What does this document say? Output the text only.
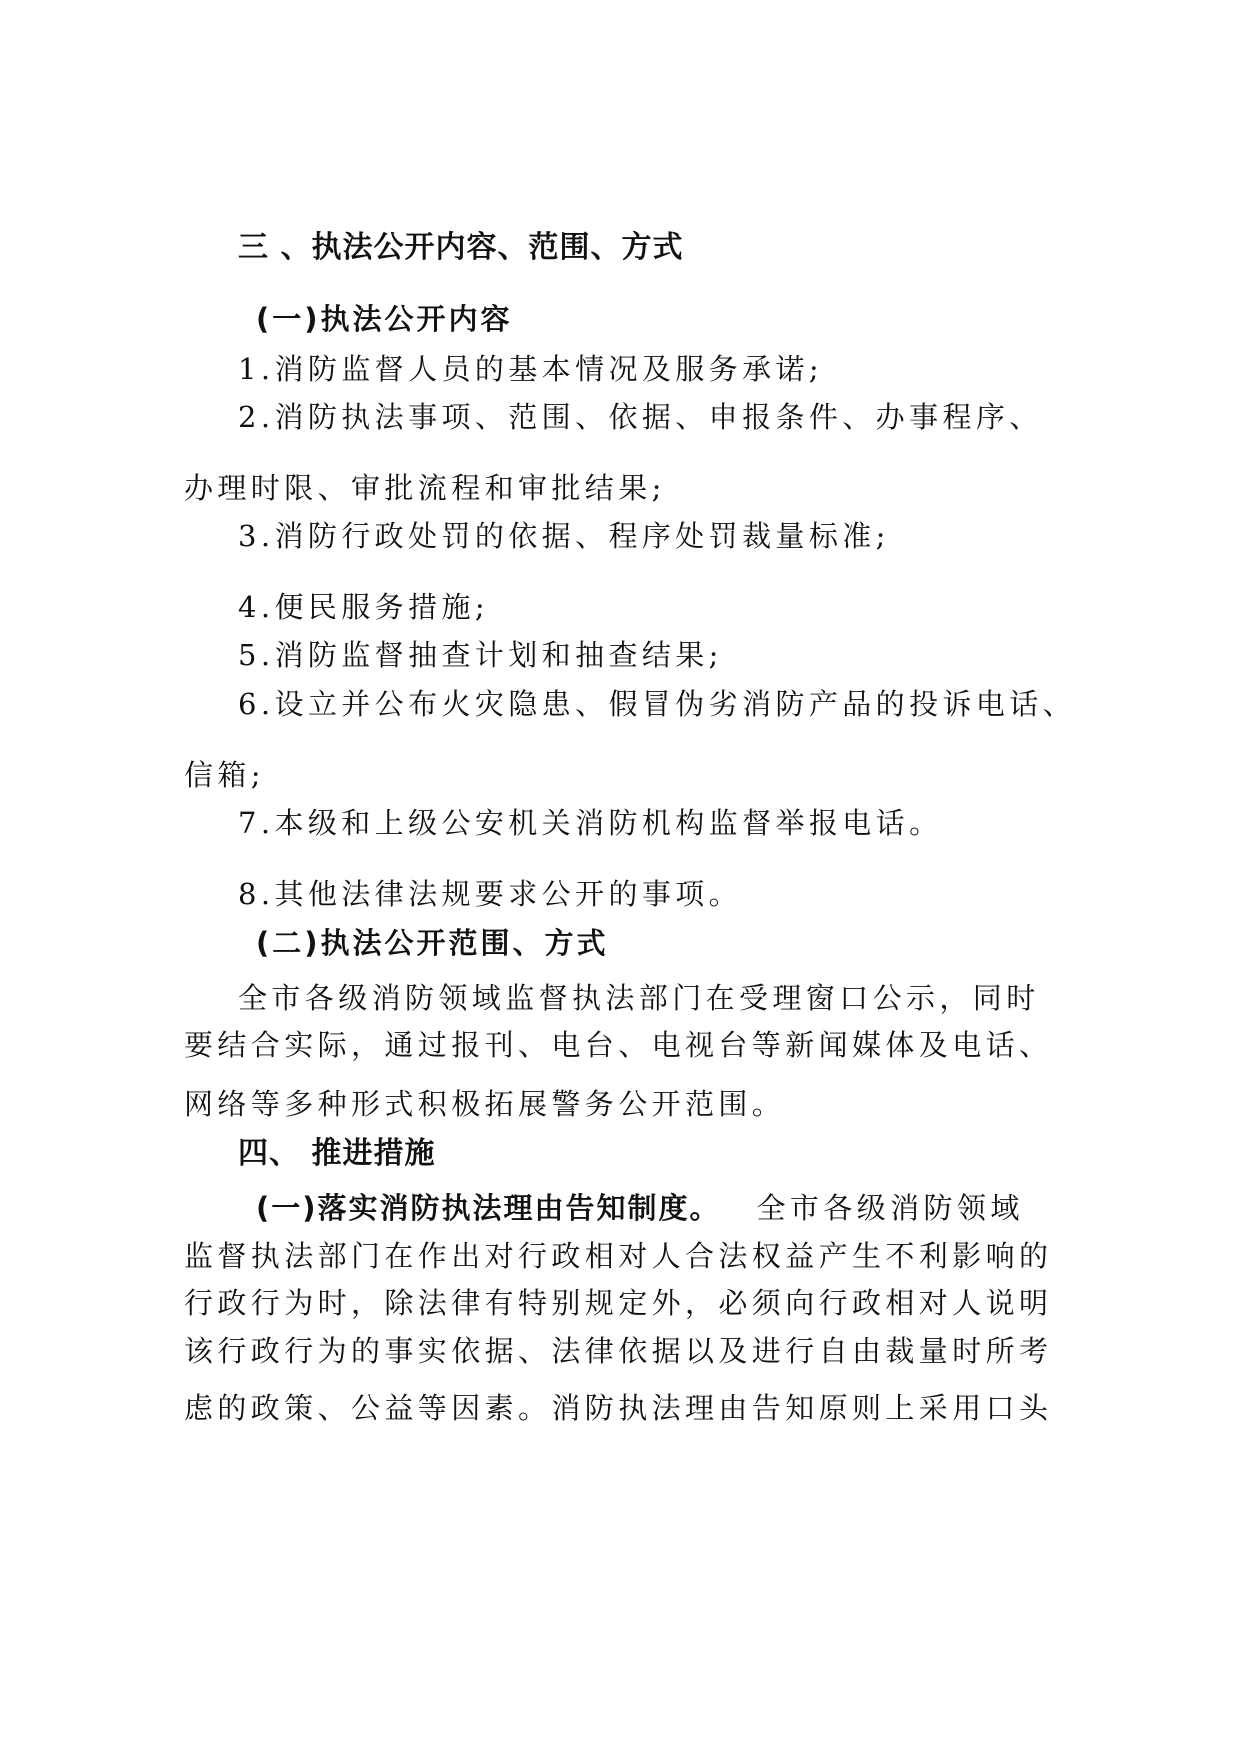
三 、执法公开内容、范围、方式
(一)执法公开内容
1.消防监督人员的基本情况及服务承诺;
2.消防执法事项、范围、依据、申报条件、办事程序、
办理时限、审批流程和审批结果;
3.消防行政处罚的依据、程序处罚裁量标准;
4.便民服务措施;
5.消防监督抽查计划和抽查结果;
6.设立并公布火灾隐患、假冒伪劣消防产品的投诉电话、
信箱;
7.本级和上级公安机关消防机构监督举报电话。
8.其他法律法规要求公开的事项。
(二)执法公开范围、方式
全市各级消防领域监督执法部门在受理窗口公示，同时
要结合实际，通过报刊、电台、电视台等新闻媒体及电话、
网络等多种形式积极拓展警务公开范围。
四、 推进措施
(一)落实消防执法理由告知制度。 全市各级消防领域
监督执法部门在作出对行政相对人合法权益产生不利影响的
行政行为时，除法律有特别规定外，必须向行政相对人说明
该行政行为的事实依据、法律依据以及进行自由裁量时所考
虑的政策、公益等因素。消防执法理由告知原则上采用口头
